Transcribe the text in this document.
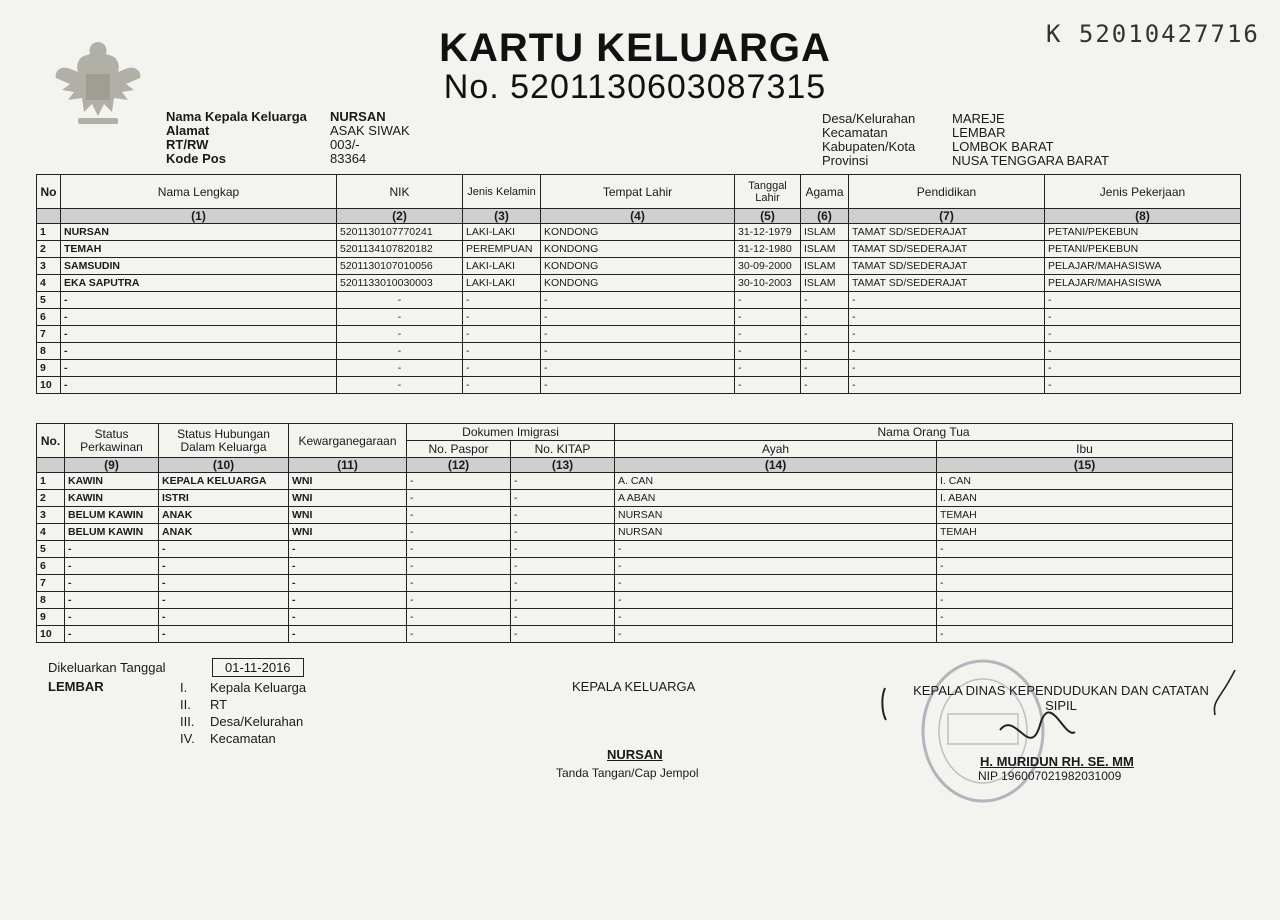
K 52010427716
KARTU KELUARGA
No. 5201130603087315
Nama Kepala Keluarga	NURSAN
Alamat	ASAK SIWAK
RT/RW	003/-
Kode Pos	83364
Desa/Kelurahan	MAREJE
Kecamatan	LEMBAR
Kabupaten/Kota	LOMBOK BARAT
Provinsi	NUSA TENGGARA BARAT
No	Nama Lengkap	NIK	Jenis Kelamin	Tempat Lahir	Tanggal Lahir	Agama	Pendidikan	Jenis Pekerjaan
	(1)	(2)	(3)	(4)	(5)	(6)	(7)	(8)
1	NURSAN	5201130107770241	LAKI-LAKI	KONDONG	31-12-1979	ISLAM	TAMAT SD/SEDERAJAT	PETANI/PEKEBUN
2	TEMAH	5201134107820182	PEREMPUAN	KONDONG	31-12-1980	ISLAM	TAMAT SD/SEDERAJAT	PETANI/PEKEBUN
3	SAMSUDIN	5201130107010056	LAKI-LAKI	KONDONG	30-09-2000	ISLAM	TAMAT SD/SEDERAJAT	PELAJAR/MAHASISWA
4	EKA SAPUTRA	5201133010030003	LAKI-LAKI	KONDONG	30-10-2003	ISLAM	TAMAT SD/SEDERAJAT	PELAJAR/MAHASISWA
5	-	-	-	-	-	-	-	-
6	-	-	-	-	-	-	-	-
7	-	-	-	-	-	-	-	-
8	-	-	-	-	-	-	-	-
9	-	-	-	-	-	-	-	-
10	-	-	-	-	-	-	-	-
No.	Status Perkawinan	Status Hubungan Dalam Keluarga	Kewarganegaraan	Dokumen Imigrasi		Nama Orang Tua	
				No. Paspor	No. KITAP	Ayah	Ibu
	(9)	(10)	(11)	(12)	(13)	(14)	(15)
1	KAWIN	KEPALA KELUARGA	WNI	-	-	A. CAN	I. CAN
2	KAWIN	ISTRI	WNI	-	-	A ABAN	I. ABAN
3	BELUM KAWIN	ANAK	WNI	-	-	NURSAN	TEMAH
4	BELUM KAWIN	ANAK	WNI	-	-	NURSAN	TEMAH
5	-	-	-	-	-	-	-
6	-	-	-	-	-	-	-
7	-	-	-	-	-	-	-
8	-	-	-	-	-	-	-
9	-	-	-	-	-	-	-
10	-	-	-	-	-	-	-
Dikeluarkan Tanggal	01-11-2016
LEMBAR	I.	Kepala Keluarga
II.	RT
III.	Desa/Kelurahan
IV.	Kecamatan
KEPALA KELUARGA
NURSAN
Tanda Tangan/Cap Jempol
KEPALA DINAS KEPENDUDUKAN DAN CATATAN SIPIL
H. MURIDUN RH. SE. MM
NIP 196007021982031009
